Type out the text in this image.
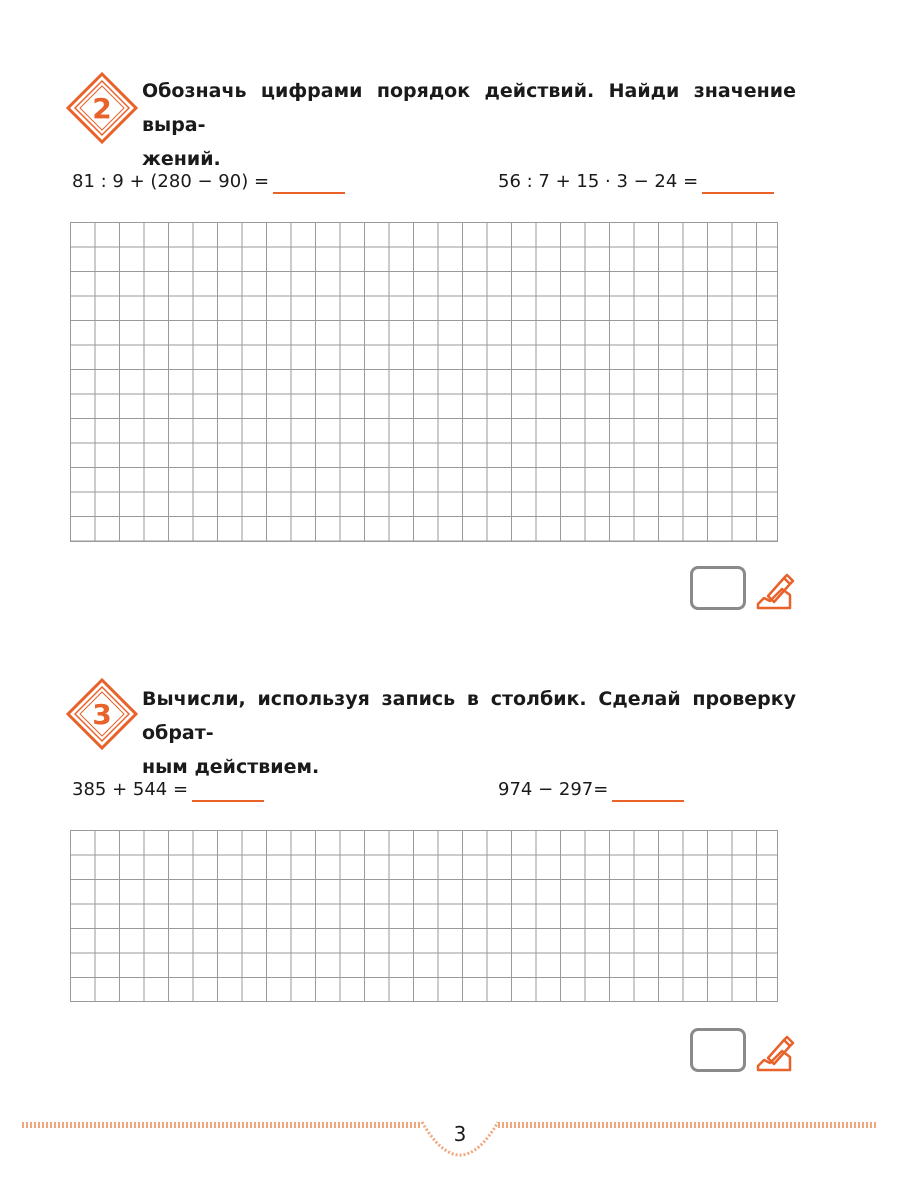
2
Обозначь цифрами порядок действий. Найди значение выра-
жений.
81 : 9 + (280 − 90) =	56 : 7 + 15 · 3 − 24 =
3 Вычисли, используя запись в столбик. Сделай проверку обрат-
ным действием.
385 + 544 =	974 − 297=
3
